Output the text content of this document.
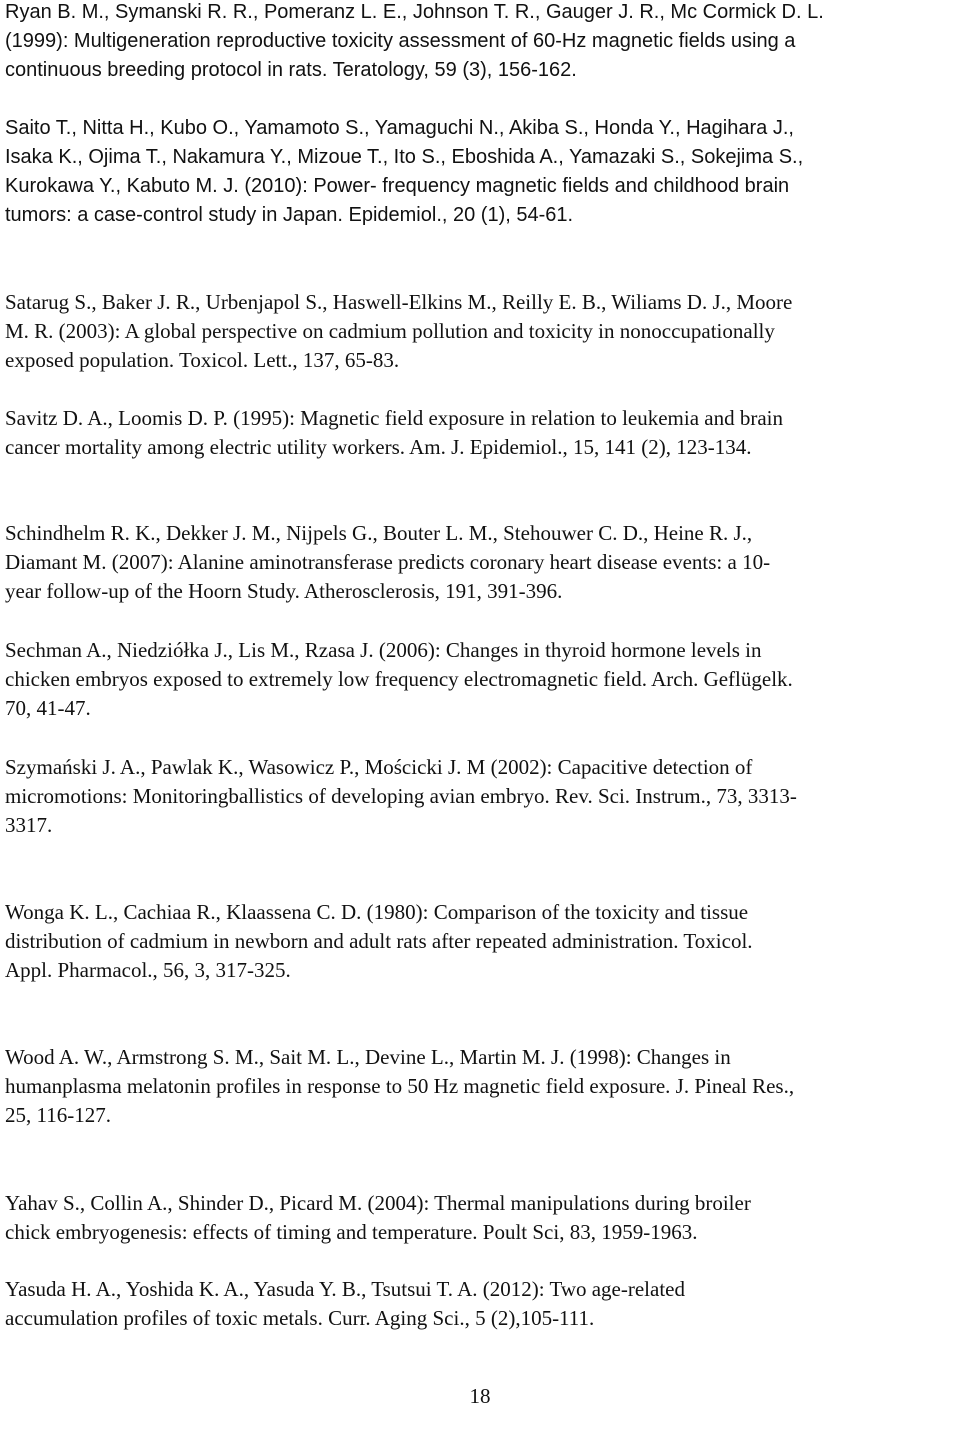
Ryan B. M., Symanski R. R., Pomeranz L. E., Johnson T. R., Gauger J. R., Mc Cormick D. L.
(1999): Multigeneration reproductive toxicity assessment of 60-Hz magnetic fields using a
continuous breeding protocol in rats. Teratology, 59 (3), 156-162.
Saito T., Nitta H., Kubo O., Yamamoto S., Yamaguchi N., Akiba S., Honda Y., Hagihara J.,
Isaka K., Ojima T., Nakamura Y., Mizoue T., Ito S., Eboshida A., Yamazaki S., Sokejima S.,
Kurokawa Y., Kabuto M. J. (2010): Power- frequency magnetic fields and childhood brain
tumors: a case-control study in Japan. Epidemiol., 20 (1), 54-61.
Satarug S., Baker J. R., Urbenjapol S., Haswell-Elkins M., Reilly E. B., Wiliams D. J., Moore
M. R. (2003): A global perspective on cadmium pollution and toxicity in nonoccupationally
exposed population. Toxicol. Lett., 137, 65-83.
Savitz D. A., Loomis D. P. (1995): Magnetic field exposure in relation to leukemia and brain
cancer mortality among electric utility workers. Am. J. Epidemiol., 15, 141 (2), 123-134.
Schindhelm R. K., Dekker J. M., Nijpels G., Bouter L. M., Stehouwer C. D., Heine R. J.,
Diamant M. (2007): Alanine aminotransferase predicts coronary heart disease events: a 10-
year follow-up of the Hoorn Study. Atherosclerosis, 191, 391-396.
Sechman A., Niedziółka J., Lis M., Rzasa J. (2006): Changes in thyroid hormone levels in
chicken embryos exposed to extremely low frequency electromagnetic field. Arch. Geflügelk.
70, 41-47.
Szymański J. A., Pawlak K., Wasowicz P., Mościcki J. M (2002): Capacitive detection of
micromotions: Monitoringballistics of developing avian embryo. Rev. Sci. Instrum., 73, 3313-
3317.
Wonga K. L., Cachiaa R., Klaassena C. D. (1980): Comparison of the toxicity and tissue
distribution of cadmium in newborn and adult rats after repeated administration. Toxicol.
Appl. Pharmacol., 56, 3, 317-325.
Wood A. W., Armstrong S. M., Sait M. L., Devine L., Martin M. J. (1998): Changes in
humanplasma melatonin profiles in response to 50 Hz magnetic field exposure. J. Pineal Res.,
25, 116-127.
Yahav S., Collin A., Shinder D., Picard M. (2004): Thermal manipulations during broiler
chick embryogenesis: effects of timing and temperature. Poult Sci, 83, 1959-1963.
Yasuda H. A., Yoshida K. A., Yasuda Y. B., Tsutsui T. A. (2012): Two age-related
accumulation profiles of toxic metals. Curr. Aging Sci., 5 (2),105-111.
18
